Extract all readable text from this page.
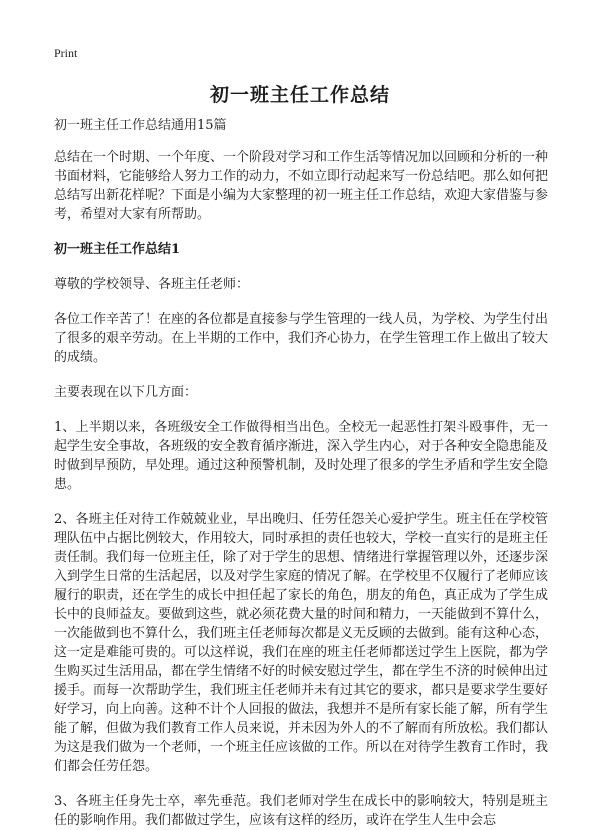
Print
初一班主任工作总结

初一班主任工作总结通用15篇

总结在一个时期、一个年度、一个阶段对学习和工作生活等情况加以回顾和分析的一种书面材料，它能够给人努力工作的动力，不如立即行动起来写一份总结吧。那么如何把总结写出新花样呢？下面是小编为大家整理的初一班主任工作总结，欢迎大家借鉴与参考，希望对大家有所帮助。

初一班主任工作总结1

尊敬的学校领导、各班主任老师：

各位工作辛苦了！在座的各位都是直接参与学生管理的一线人员，为学校、为学生付出了很多的艰辛劳动。在上半期的工作中，我们齐心协力，在学生管理工作上做出了较大的成绩。

主要表现在以下几方面：

1、上半期以来，各班级安全工作做得相当出色。全校无一起恶性打架斗殴事件，无一起学生安全事故，各班级的安全教育循序渐进，深入学生内心，对于各种安全隐患能及时做到早预防，早处理。通过这种预警机制，及时处理了很多的学生矛盾和学生安全隐患。

2、各班主任对待工作兢兢业业，早出晚归、任劳任怨关心爱护学生。班主任在学校管理队伍中占据比例较大，作用较大，同时承担的责任也较大，学校一直实行的是班主任责任制。我们每一位班主任，除了对于学生的思想、情绪进行掌握管理以外，还逐步深入到学生日常的生活起居，以及对学生家庭的情况了解。在学校里不仅履行了老师应该履行的职责，还在学生的成长中担任起了家长的角色，朋友的角色，真正成为了学生成长中的良师益友。要做到这些，就必须花费大量的时间和精力，一天能做到不算什么，一次能做到也不算什么，我们班主任老师每次都是义无反顾的去做到。能有这种心态，这一定是难能可贵的。可以这样说，我们在座的班主任老师都送过学生上医院，都为学生购买过生活用品，都在学生情绪不好的时候安慰过学生，都在学生不济的时候伸出过援手。而每一次帮助学生，我们班主任老师并未有过其它的要求，都只是要求学生要好好学习，向上向善。这种不计个人回报的做法，我想并不是所有家长能了解，所有学生能了解，但做为我们教育工作人员来说，并未因为外人的不了解而有所放松。我们都认为这是我们做为一个老师，一个班主任应该做的工作。所以在对待学生教育工作时，我们都会任劳任怨。

3、各班主任身先士卒，率先垂范。我们老师对学生在成长中的影响较大，特别是班主任的影响作用。我们都做过学生，应该有这样的经历，或许在学生人生中会忘
